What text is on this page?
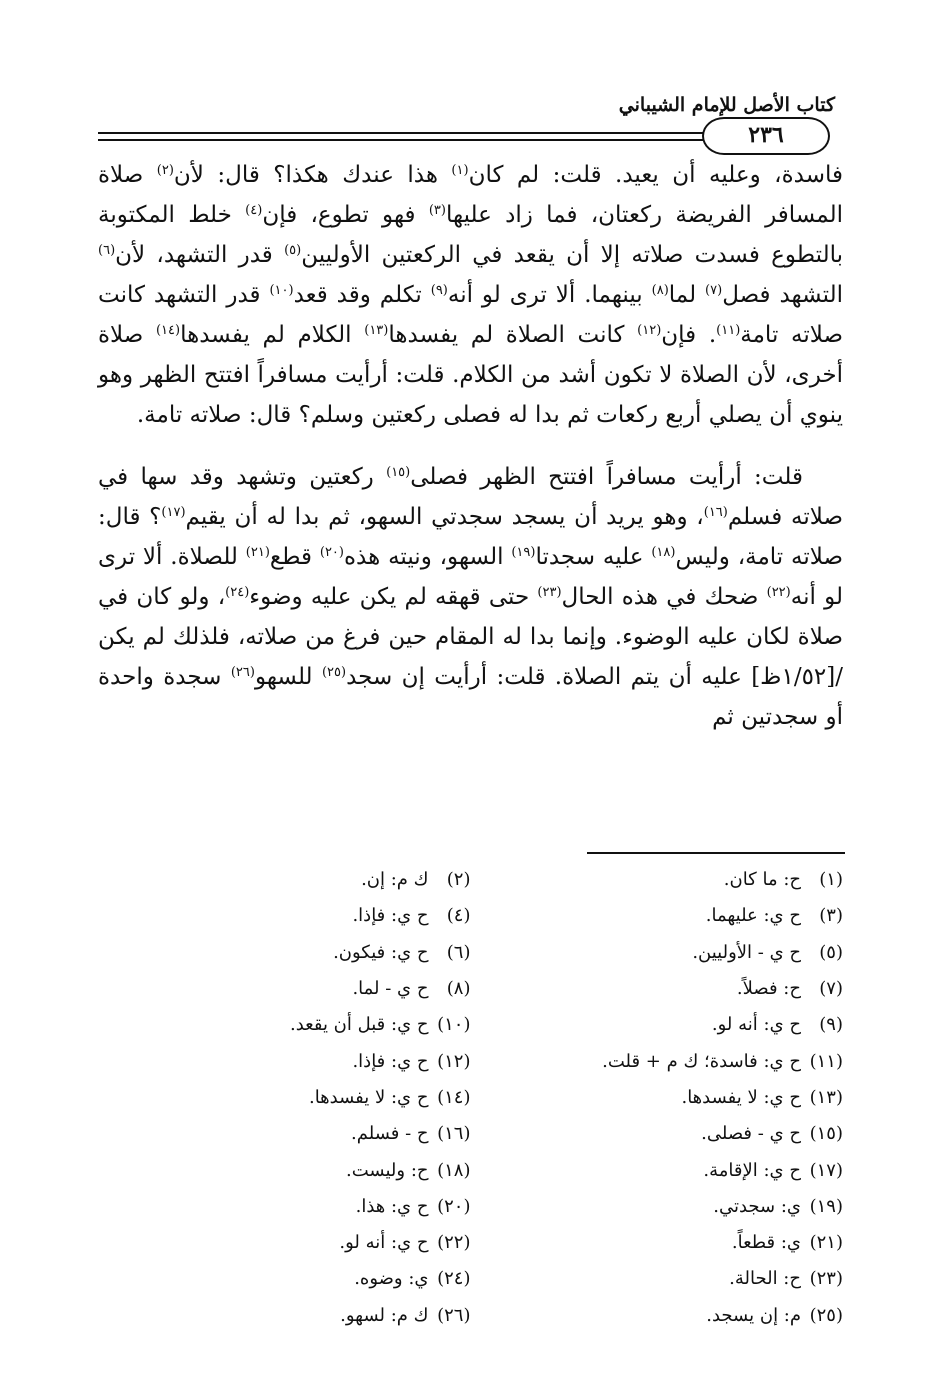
كتاب الأصل للإمام الشيباني
٢٣٦

فاسدة، وعليه أن يعيد. قلت: لم كان$^{(١)}$ هذا عندك هكذا؟ قال: لأن$^{(٢)}$ صلاة المسافر الفريضة ركعتان، فما زاد عليها$^{(٣)}$ فهو تطوع، فإن$^{(٤)}$ خلط المكتوبة بالتطوع فسدت صلاته إلا أن يقعد في الركعتين الأوليين$^{(٥)}$ قدر التشهد، لأن$^{(٦)}$ التشهد فصل$^{(٧)}$ لما$^{(٨)}$ بينهما. ألا ترى لو أنه$^{(٩)}$ تكلم وقد قعد$^{(١٠)}$ قدر التشهد كانت صلاته تامة$^{(١١)}$. فإن$^{(١٢)}$ كانت الصلاة لم يفسدها$^{(١٣)}$ الكلام لم يفسدها$^{(١٤)}$ صلاة أخرى، لأن الصلاة لا تكون أشد من الكلام. قلت: أرأيت مسافراً افتتح الظهر وهو ينوي أن يصلي أربع ركعات ثم بدا له فصلى ركعتين وسلم؟ قال: صلاته تامة.

قلت: أرأيت مسافراً افتتح الظهر فصلى$^{(١٥)}$ ركعتين وتشهد وقد سها في صلاته فسلم$^{(١٦)}$، وهو يريد أن يسجد سجدتي السهو، ثم بدا له أن يقيم$^{(١٧)}$؟ قال: صلاته تامة، وليس$^{(١٨)}$ عليه سجدتا$^{(١٩)}$ السهو، ونيته هذه$^{(٢٠)}$ قطع$^{(٢١)}$ للصلاة. ألا ترى لو أنه$^{(٢٢)}$ ضحك في هذه الحال$^{(٢٣)}$ حتى قهقه لم يكن عليه وضوء$^{(٢٤)}$، ولو كان في صلاة لكان عليه الوضوء. وإنما بدا له المقام حين فرغ من صلاته، فلذلك لم يكن /[١/٥٢ظ] عليه أن يتم الصلاة. قلت: أرأيت إن سجد$^{(٢٥)}$ للسهو$^{(٢٦)}$ سجدة واحدة أو سجدتين ثم

(١)ح: ما كان.
(٢)ك م: إن.
(٣)ح ي: عليهما.
(٤)ح ي: فإذا.
(٥)ح ي - الأوليين.
(٦)ح ي: فيكون.
(٧)ح: فصلاً.
(٨)ح ي - لما.
(٩)ح ي: أنه لو.
(١٠)ح ي: قبل أن يقعد.
(١١)ح ي: فاسدة؛ ك م + قلت.
(١٢)ح ي: فإذا.
(١٣)ح ي: لا يفسدها.
(١٤)ح ي: لا يفسدها.
(١٥)ح ي - فصلى.
(١٦)ح - فسلم.
(١٧)ح ي: الإقامة.
(١٨)ح: وليست.
(١٩)ي: سجدتي.
(٢٠)ح ي: هذا.
(٢١)ي: قطعاً.
(٢٢)ح ي: أنه لو.
(٢٣)ح: الحالة.
(٢٤)ي: وضوه.
(٢٥)م: إن يسجد.
(٢٦)ك م: لسهو.
